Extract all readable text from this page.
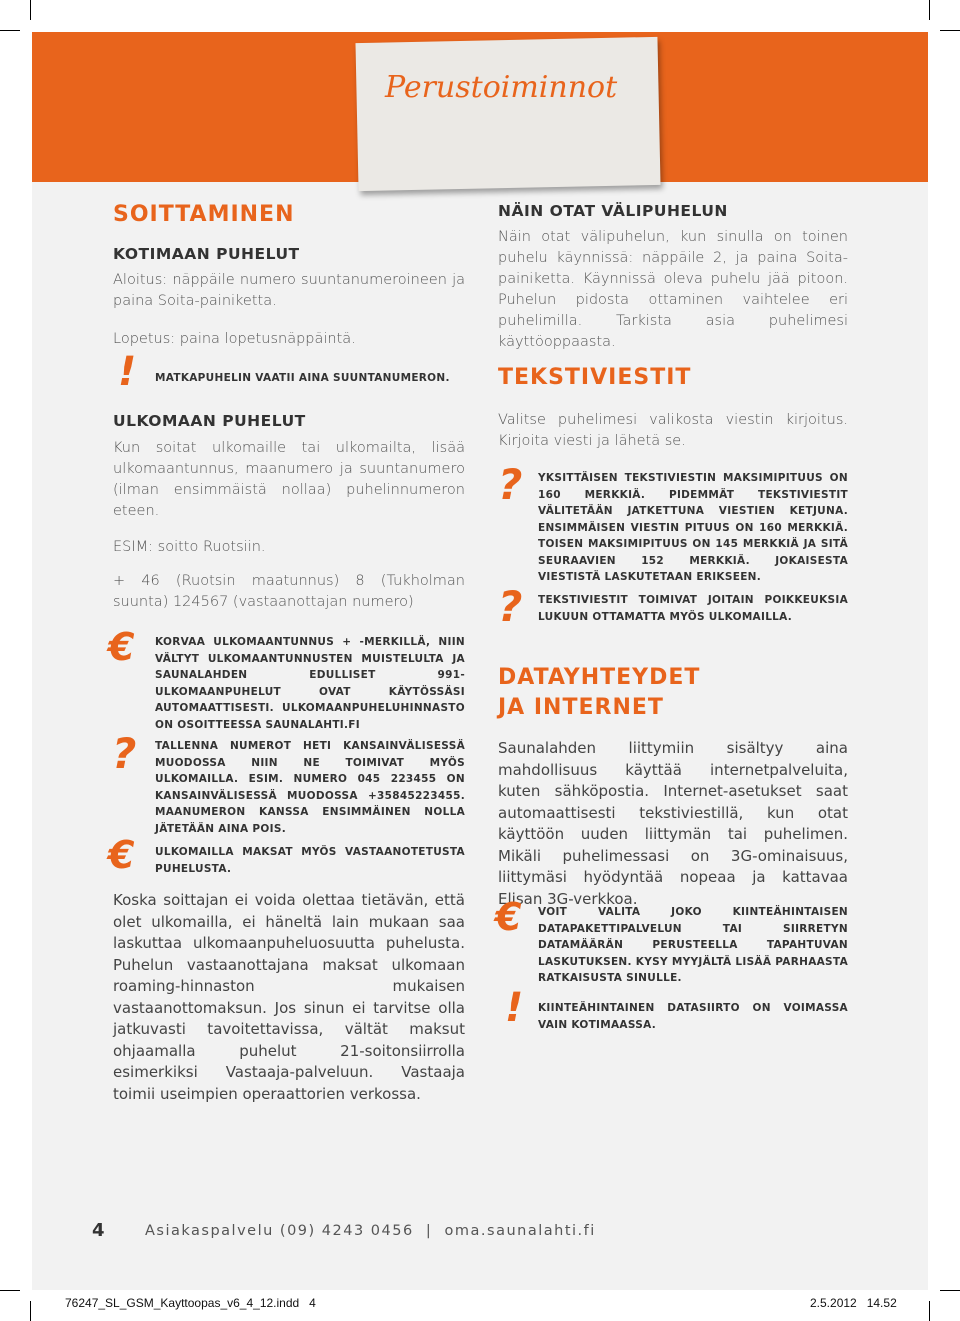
Perustoiminnot
SOITTAMINEN
KOTIMAAN PUHELUT
Aloitus: näppäile numero suuntanumeroineen ja paina Soita-painiketta.
Lopetus: paina lopetusnäppäintä.
! MATKAPUHELIN VAATII AINA SUUNTANUMERON.
ULKOMAAN PUHELUT
Kun soitat ulkomaille tai ulkomailta, lisää ulkomaantunnus, maanumero ja suuntanumero (ilman ensimmäistä nollaa) puhelinnumeron eteen.
ESIM: soitto Ruotsiin.
+ 46 (Ruotsin maatunnus) 8 (Tukholman suunta) 124567 (vastaanottajan numero)
€ KORVAA ULKOMAANTUNNUS + -MERKILLÄ, NIIN VÄLTYT ULKOMAANTUNNUSTEN MUISTELULTA JA SAUNALAHDEN EDULLISET 991-ULKOMAANPUHELUT OVAT KÄYTÖSSÄSI AUTOMAATTISESTI. ULKOMAANPUHELUHINNASTO ON OSOITTEESSA SAUNALAHTI.FI
? TALLENNA NUMEROT HETI KANSAINVÄLISESSÄ MUODOSSA NIIN NE TOIMIVAT MYÖS ULKOMAILLA. ESIM. NUMERO 045 223455 ON KANSAINVÄLISESSÄ MUODOSSA +35845223455. MAANUMERON KANSSA ENSIMMÄINEN NOLLA JÄTETÄÄN AINA POIS.
€ ULKOMAILLA MAKSAT MYÖS VASTAANOTETUSTA PUHELUSTA.
Koska soittajan ei voida olettaa tietävän, että olet ulkomailla, ei häneltä lain mukaan saa laskuttaa ulkomaanpuheluosuutta puhelusta. Puhelun vastaanottajana maksat ulkomaan roaming-hinnaston mukaisen vastaanottomaksun. Jos sinun ei tarvitse olla jatkuvasti tavoitettavissa, vältät maksut ohjaamalla puhelut 21-soitonsiirrolla esimerkiksi Vastaaja-palveluun. Vastaaja toimii useimpien operaattorien verkossa.
NÄIN OTAT VÄLIPUHELUN
Näin otat välipuhelun, kun sinulla on toinen puhelu käynnissä: näppäile 2, ja paina Soita-painiketta. Käynnissä oleva puhelu jää pitoon. Puhelun pidosta ottaminen vaihtelee eri puhelimilla. Tarkista asia puhelimesi käyttöoppaasta.
TEKSTIVIESTIT
Valitse puhelimesi valikosta viestin kirjoitus. Kirjoita viesti ja lähetä se.
? YKSITTÄISEN TEKSTIVIESTIN MAKSIMIPITUUS ON 160 MERKKIÄ. PIDEMMÄT TEKSTIVIESTIT VÄLITETÄÄN JATKETTUNA VIESTIEN KETJUNA. ENSIMMÄISEN VIESTIN PITUUS ON 160 MERKKIÄ. TOISEN MAKSIMIPITUUS ON 145 MERKKIÄ JA SITÄ SEURAAVIEN 152 MERKKIÄ. JOKAISESTA VIESTISTÄ LASKUTETAAN ERIKSEEN.
? TEKSTIVIESTIT TOIMIVAT JOITAIN POIKKEUKSIA LUKUUN OTTAMATTA MYÖS ULKOMAILLA.
DATAYHTEYDET
JA INTERNET
Saunalahden liittymiin sisältyy aina mahdollisuus käyttää internetpalveluita, kuten sähköpostia. Internet-asetukset saat automaattisesti tekstiviestillä, kun otat käyttöön uuden liittymän tai puhelimen. Mikäli puhelimessasi on 3G-ominaisuus, liittymäsi hyödyntää nopeaa ja kattavaa Elisan 3G-verkkoa.
€ VOIT VALITA JOKO KIINTEÄHINTAISEN DATAPAKETTIPALVELUN TAI SIIRRETYN DATAMÄÄRÄN PERUSTEELLA TAPAHTUVAN LASKUTUKSEN. KYSY MYYJÄLTÄ LISÄÄ PARHAASTA RATKAISUSTA SINULLE.
! KIINTEÄHINTAINEN DATASIIRTO ON VOIMASSA VAIN KOTIMAASSA.
4	Asiakaspalvelu (09) 4243 0456  |  oma.saunalahti.fi
76247_SL_GSM_Kayttoopas_v6_4_12.indd   4	2.5.2012   14.52
